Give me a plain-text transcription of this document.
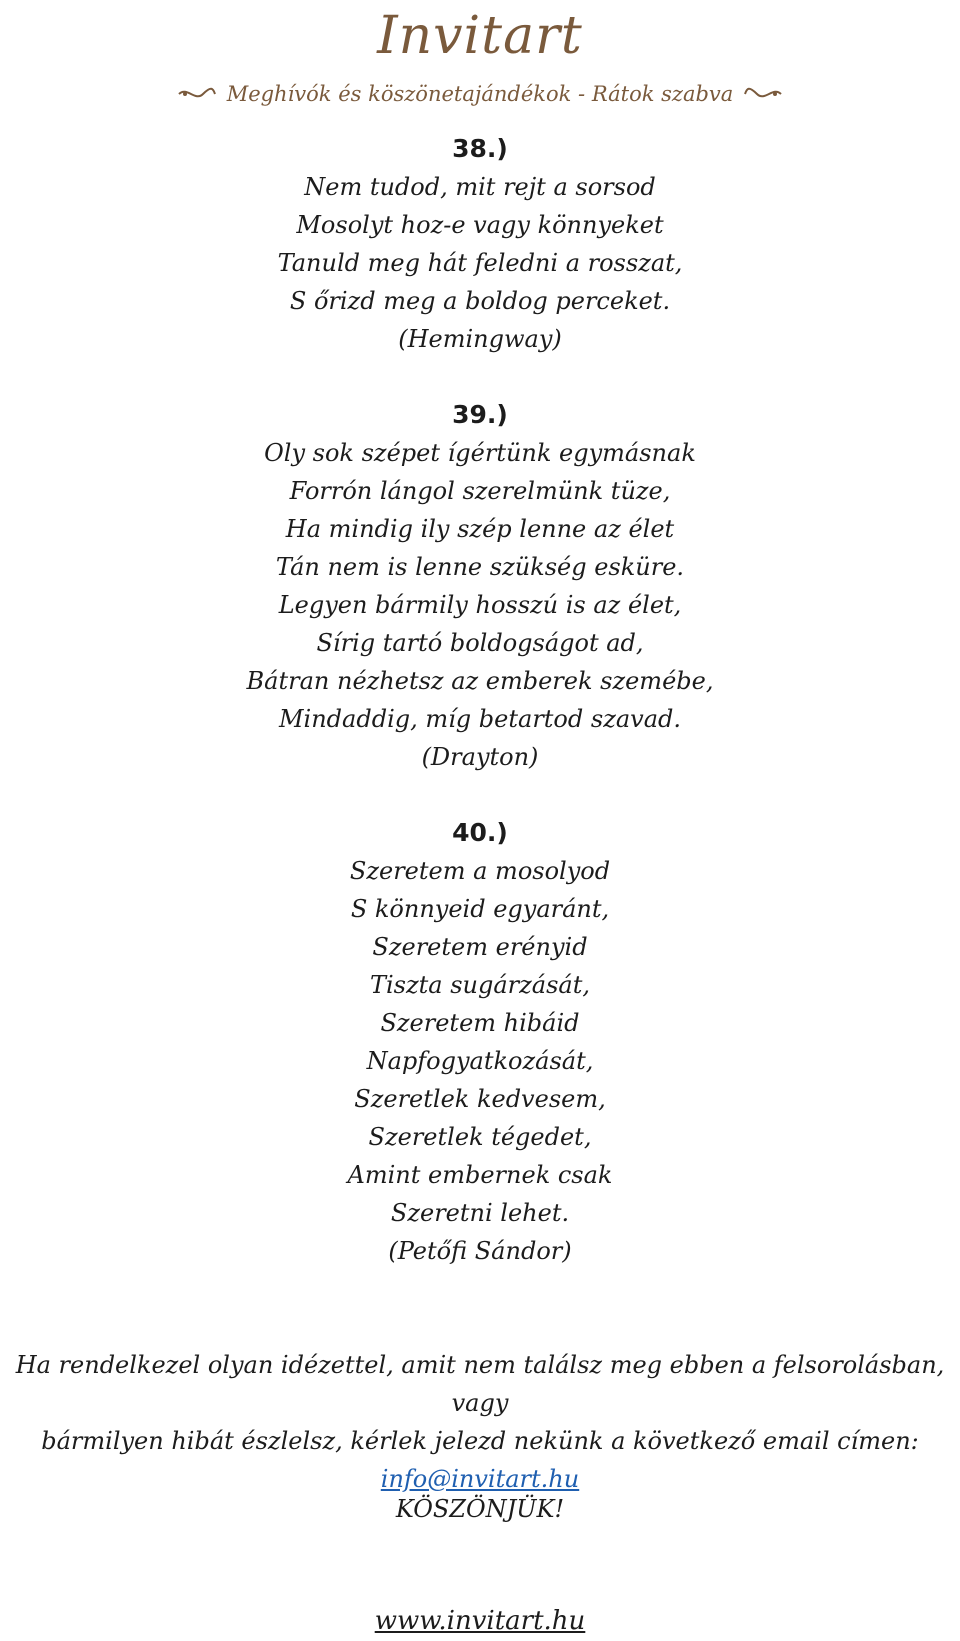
Invitart
Meghívók és köszönetajándékok - Rátok szabva
38.)
Nem tudod, mit rejt a sorsod
Mosolyt hoz-e vagy könnyeket
Tanuld meg hát feledni a rosszat,
S őrizd meg a boldog perceket.
(Hemingway)
39.)
Oly sok szépet ígértünk egymásnak
Forrón lángol szerelmünk tüze,
Ha mindig ily szép lenne az élet
Tán nem is lenne szükség esküre.
Legyen bármily hosszú is az élet,
Sírig tartó boldogságot ad,
Bátran nézhetsz az emberek szemébe,
Mindaddig, míg betartod szavad.
(Drayton)
40.)
Szeretem a mosolyod
S könnyeid egyaránt,
Szeretem erényid
Tiszta sugárzását,
Szeretem hibáid
Napfogyatkozását,
Szeretlek kedvesem,
Szeretlek tégedet,
Amint embernek csak
Szeretni lehet.
(Petőfi Sándor)
Ha rendelkezel olyan idézettel, amit nem találsz meg ebben a felsorolásban, vagy
bármilyen hibát észlelsz, kérlek jelezd nekünk a következő email címen:
info@invitart.hu
KÖSZÖNJÜK!
www.invitart.hu
